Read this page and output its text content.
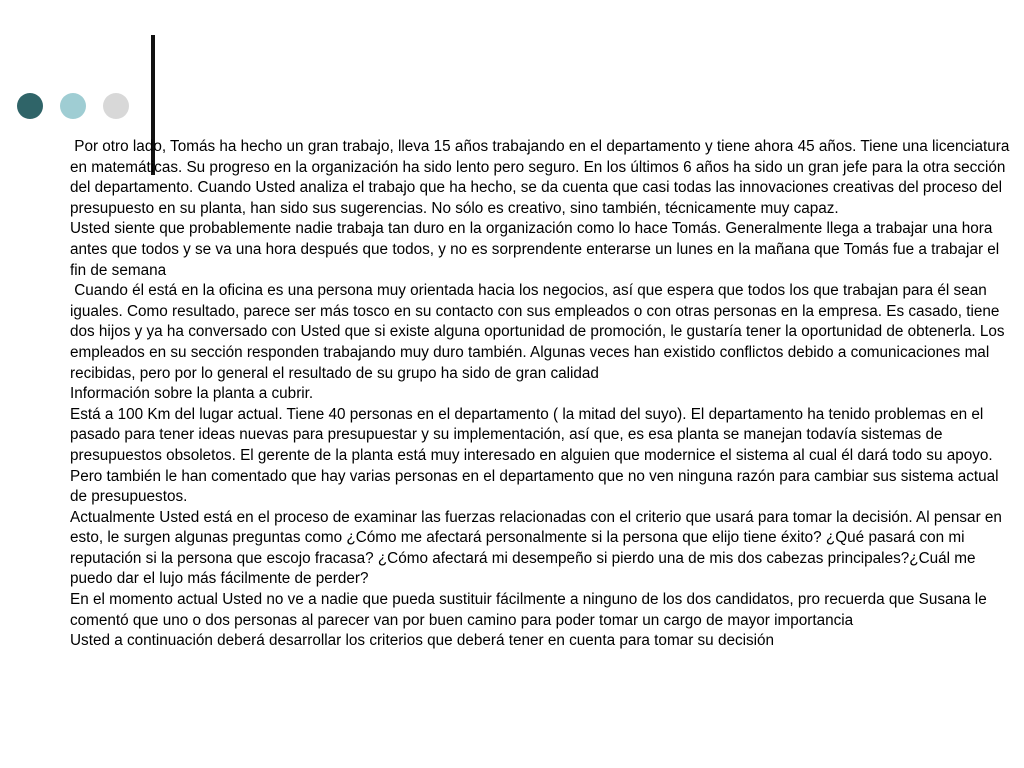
Por otro lado, Tomás ha hecho un gran trabajo, lleva 15 años trabajando en el departamento y tiene ahora 45 años. Tiene una licenciatura en matemáticas. Su progreso en la organización ha sido lento pero seguro. En los últimos 6 años ha sido un gran jefe para la otra sección del departamento. Cuando Usted analiza el trabajo que ha hecho, se da cuenta que casi todas las innovaciones creativas del proceso del presupuesto en su planta, han sido sus sugerencias. No sólo es creativo, sino también, técnicamente muy capaz.

Usted siente que probablemente nadie trabaja tan duro en la organización como lo hace Tomás. Generalmente llega a trabajar una hora antes que todos y se va una hora después que todos, y no es sorprendente enterarse un lunes en la mañana que Tomás fue a trabajar el fin de semana

Cuando él está en la oficina es una persona muy orientada hacia los negocios, así que espera que todos los que trabajan para él sean iguales. Como resultado, parece ser más tosco en su contacto con sus empleados o con otras personas en la empresa. Es casado, tiene dos hijos y ya ha conversado con Usted que si existe alguna oportunidad de promoción, le gustaría tener la oportunidad de obtenerla. Los empleados en su sección responden trabajando muy duro también. Algunas veces han existido conflictos debido a comunicaciones mal recibidas, pero por lo general el resultado de su grupo ha sido de gran calidad

Información sobre la planta a cubrir.

Está a 100 Km del lugar actual. Tiene 40 personas en el departamento ( la mitad del suyo). El departamento ha tenido problemas en el pasado para tener ideas nuevas para presupuestar y su implementación, así que, es esa planta se manejan todavía sistemas de presupuestos obsoletos. El gerente de la planta está muy interesado en alguien que modernice el sistema al cual él dará todo su apoyo. Pero también le han comentado que hay varias personas en el departamento que no ven ninguna razón para cambiar sus sistema actual de presupuestos.

Actualmente Usted está en el proceso de examinar las fuerzas relacionadas con el criterio que usará para tomar la decisión. Al pensar en esto, le surgen algunas preguntas como ¿Cómo me afectará personalmente si la persona que elijo tiene éxito? ¿Qué pasará con mi reputación si la persona que escojo fracasa? ¿Cómo afectará mi desempeño si pierdo una de mis dos cabezas principales?¿Cuál me puedo dar el lujo más fácilmente de perder?

En el momento actual Usted no ve a nadie que pueda sustituir fácilmente a ninguno de los dos candidatos, pro recuerda que Susana le comentó que uno o dos personas al parecer van por buen camino para poder tomar un cargo de mayor importancia

Usted a continuación deberá desarrollar los criterios que deberá tener en cuenta para tomar su decisión
